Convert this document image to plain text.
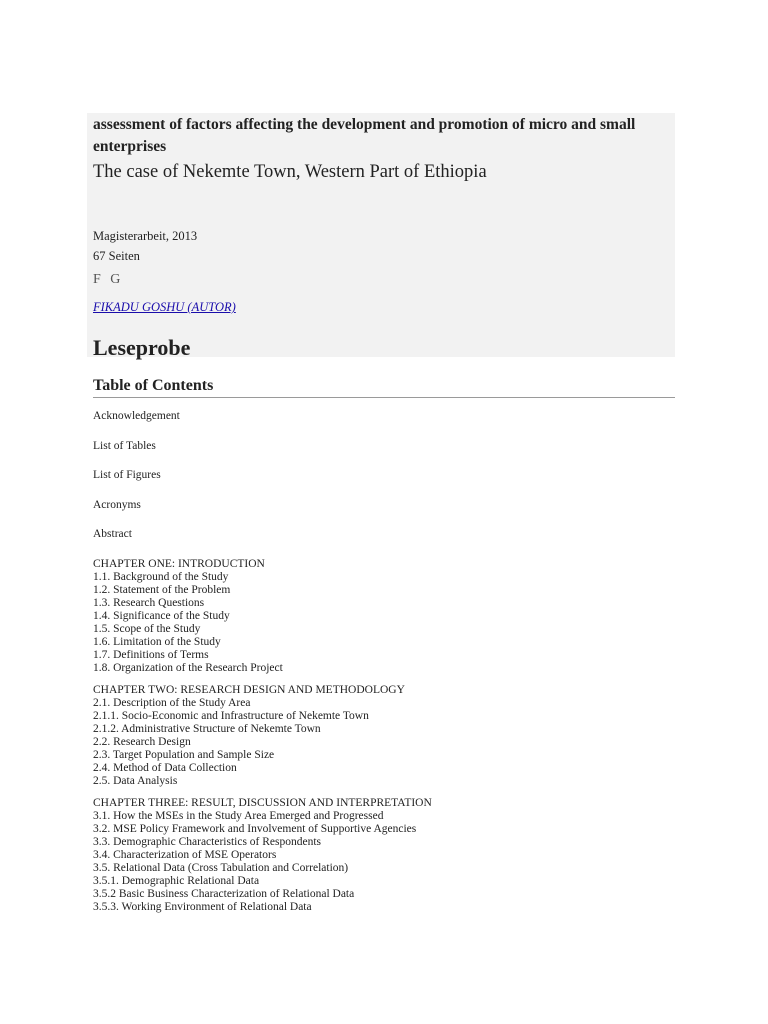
assessment of factors affecting the development and promotion of micro and small enterprises
The case of Nekemte Town, Western Part of Ethiopia
Magisterarbeit, 2013
67 Seiten
F G
FIKADU GOSHU (AUTOR)
Leseprobe
Table of Contents
Acknowledgement
List of Tables
List of Figures
Acronyms
Abstract
CHAPTER ONE: INTRODUCTION
1.1. Background of the Study
1.2. Statement of the Problem
1.3. Research Questions
1.4. Significance of the Study
1.5. Scope of the Study
1.6. Limitation of the Study
1.7. Definitions of Terms
1.8. Organization of the Research Project
CHAPTER TWO: RESEARCH DESIGN AND METHODOLOGY
2.1. Description of the Study Area
2.1.1. Socio-Economic and Infrastructure of Nekemte Town
2.1.2. Administrative Structure of Nekemte Town
2.2. Research Design
2.3. Target Population and Sample Size
2.4. Method of Data Collection
2.5. Data Analysis
CHAPTER THREE: RESULT, DISCUSSION AND INTERPRETATION
3.1. How the MSEs in the Study Area Emerged and Progressed
3.2. MSE Policy Framework and Involvement of Supportive Agencies
3.3. Demographic Characteristics of Respondents
3.4. Characterization of MSE Operators
3.5. Relational Data (Cross Tabulation and Correlation)
3.5.1. Demographic Relational Data
3.5.2 Basic Business Characterization of Relational Data
3.5.3. Working Environment of Relational Data
